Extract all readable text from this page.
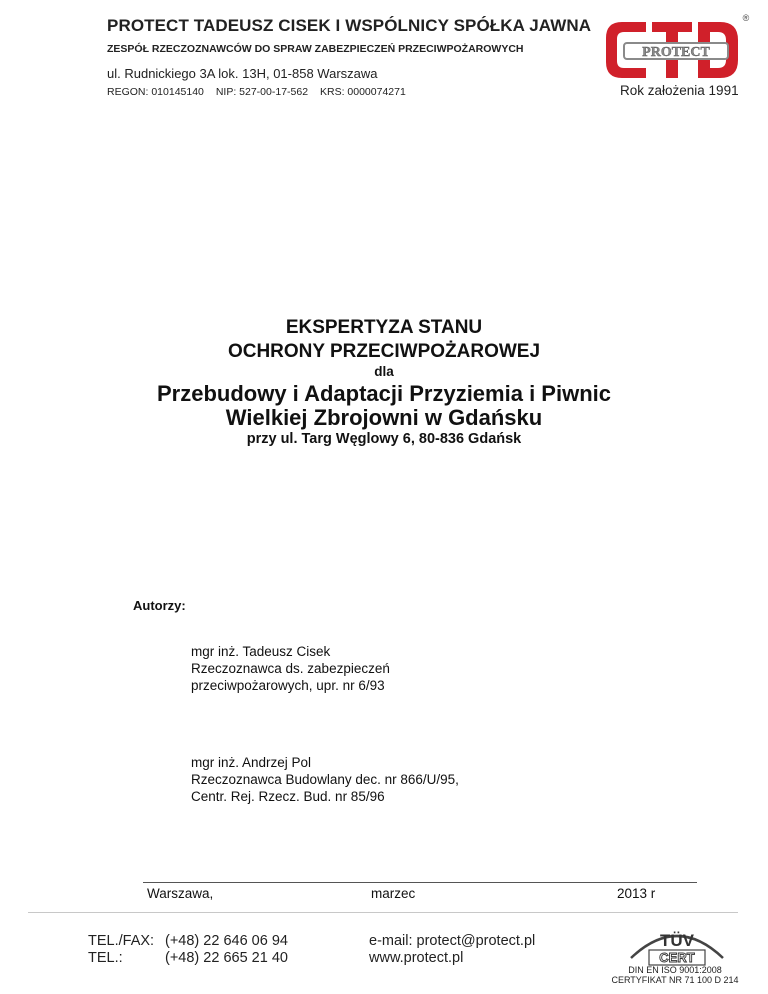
PROTECT TADEUSZ CISEK I WSPÓLNICY SPÓŁKA JAWNA
ZESPÓŁ RZECZOZNAWCÓW DO SPRAW ZABEZPIECZEŃ PRZECIWPOŻAROWYCH
ul. Rudnickiego 3A lok. 13H, 01-858 Warszawa
REGON: 010145140 NIP: 527-00-17-562 KRS: 0000074271
PROTECT
®
Rok założenia 1991
EKSPERTYZA STANU
OCHRONY PRZECIWPOŻAROWEJ
dla
Przebudowy i Adaptacji Przyziemia i Piwnic
Wielkiej Zbrojowni w Gdańsku
przy ul. Targ Węglowy 6, 80-836 Gdańsk
Autorzy:
mgr inż. Tadeusz Cisek
Rzeczoznawca ds. zabezpieczeń
przeciwpożarowych, upr. nr 6/93
mgr inż. Andrzej Pol
Rzeczoznawca Budowlany dec. nr 866/U/95,
Centr. Rej. Rzecz. Bud. nr 85/96
Warszawa,	marzec	2013 r
TEL./FAX: (+48) 22 646 06 94
TEL.:	(+48) 22 665 21 40
e-mail: protect@protect.pl
www.protect.pl
TÜV
CERT
DIN EN ISO 9001:2008
CERTYFIKAT NR 71 100 D 214
